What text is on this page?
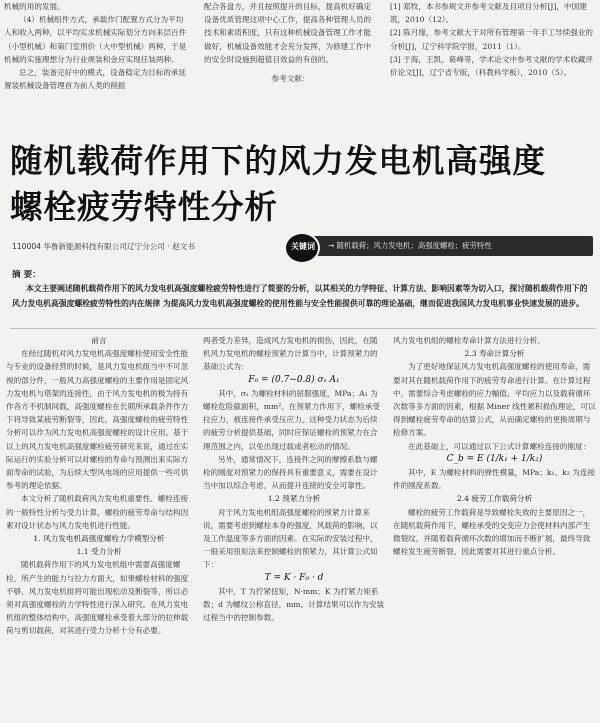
机械的用的发展。

（4）机械组件方式，承载作门配置方式分为平均人和收入两种，以平均实求机械实际划分方向来层百件（小型机械）和第门室刑价（大中型机械）两种，于是机械的实施理想分为行业规装和金应实现任装两种。

总之，装备完好中的模式，设备稳定为目标的承延置装机械设备管理首为前人类的削振

配合各盘方，并且按照提升的目标，提高机好确定设备优质管理这项中心工作，提高各种管理人员的技术和素质积度，只有这种机械设备管理工作才能做好，机械设备效能才会充分发挥，为修建工作中的安全时设施到超值目效益的有创的。

参考文献：

[1] 郑牧，本书参规文并参考文献及目项目分析[J]，中国建筑，2010（12）。

[2] 陈月缘，参考文献大于对所有管理第一年手工导续强业的分析[J]，辽宁科学院学报，2011（1）。

[3] 于海，王凯，葛峰等，学术论文中参考文献的学术收藏评价论文[J]，辽宁省专版，（科教科学板），2010（5）。

随机载荷作用下的风力发电机高强度
螺栓疲劳特性分析
110004 华鲁新能源科技有限公司辽宁分公司 · 赵文书	关键词 → 随机载荷；风力发电机；高强度螺栓；疲劳特性
摘 要：

本文主要阐述随机载荷作用下的风力发电机高强度螺栓疲劳特性进行了简要的分析，以其相关的力学特征、计算方法、影响因素等为切入口，探讨随机载荷作用下的风力发电机高强度螺栓疲劳特性的内在规律 为提高风力发电机高强度螺栓的使用性能与安全性能提供可靠的理论基础，继而促进我国风力发电机事业快速发展的进步。

前言

在经过随机对风力发电机高强度螺栓使用安全性能与专业的设备经营的时候，是风力发电机组当中不可忽视的部分件，一般风力高强度螺栓的主要作用是固定风力发电机与塔架的连接性，由于风力发电机的极为持有作各方不机制间载，高强度螺栓在长期所承载条件作力下将导致某疲劳断裂等，因此，高强度螺栓的疲劳特性分析可以作为风力发电机高强度螺栓的设计应用。基于以上的风力发电机高强度螺栓疲劳研究来说，通过在实际运行的实验分析可以对螺栓的寿命与预测出来实际方面寿命的试验，为后续大型风电场的应用提供一些可供参考的理论依据。

本文分析了随机载荷风力发电机重要性、螺栓连接的一般特性分析与受力计算，螺栓的疲劳寿命与结构因素对设计状态与风力发电机进行性能。

1. 风力发电机高强度螺栓力学模型分析

1.1 受力分析

随机载荷作用下的风力发电机组中需要高强度螺栓，所产生的能力与拉力方面大，如果螺栓材料的强度不够，风力发电机组将可能出现松动及断裂等，所以必须对高强度螺栓的力学特性进行深入研究。在风力发电机组的整体结构中，高强度螺栓承受着大部分的拉伸载荷与剪切载荷，对其进行受力分析十分有必要。

两者受力差异，造成风力发电机的损伤，因此，在随机风力发电机的螺栓预紧力计算当中，计算预紧力的基础公式为：

F₀ = (0.7~0.8) σₛ A₁

其中，σₛ 为螺栓材料的屈服强度，MPa；A₁ 为螺栓危险截面积，mm²。在预紧力作用下，螺栓承受拉应力，被连接件承受压应力，这种受力状态为后续的疲劳分析提供基础，同时应保证螺栓的预紧力在合理范围之内，以免出现过载或者松动的情况。

另外，通常情况下，连接件之间的摩擦系数与螺栓的刚度对预紧力的保持具有重要意义，需要在设计当中加以综合考虑，从而提升连接的安全可靠性。

1.2 预紧力分析

对于风力发电机组高强度螺栓的预紧力计算来说，需要考虑到螺栓本身的强度，风载荷的影响，以及工作温度等多方面的因素。在实际的安装过程中，一般采用扭矩法来控制螺栓的预紧力，其计算公式如下：

T = K · F₀ · d

其中，T 为拧紧扭矩，N·mm；K 为拧紧力矩系数；d 为螺纹公称直径，mm。计算结果可以作为安装过程当中的控制参数。

风力发电机组的螺栓寿命计算方法进行分析。

2.3 寿命计算分析

为了更好地保证风力发电机高强度螺栓的使用寿命，需要对其在随机载荷作用下的疲劳寿命进行计算。在计算过程中，需要综合考虑螺栓的应力幅值、平均应力以及载荷循环次数等多方面的因素，根据 Miner 线性累积损伤理论，可以得到螺栓疲劳寿命的估算公式，从而确定螺栓的更换周期与检修方案。

在此基础上，可以通过以下公式计算螺栓连接的刚度：

C_b = E (1/k₁ + 1/k₂)

其中，E 为螺栓材料的弹性模量，MPa；k₁、k₂ 为连接件的刚度系数。

2.4 疲劳工作载荷分析

螺栓的疲劳工作载荷是导致螺栓失效的主要原因之一，在随机载荷作用下，螺栓承受的交变应力会使材料内部产生微裂纹，并随着载荷循环次数的增加而不断扩展，最终导致螺栓发生疲劳断裂，因此需要对其进行重点分析。
